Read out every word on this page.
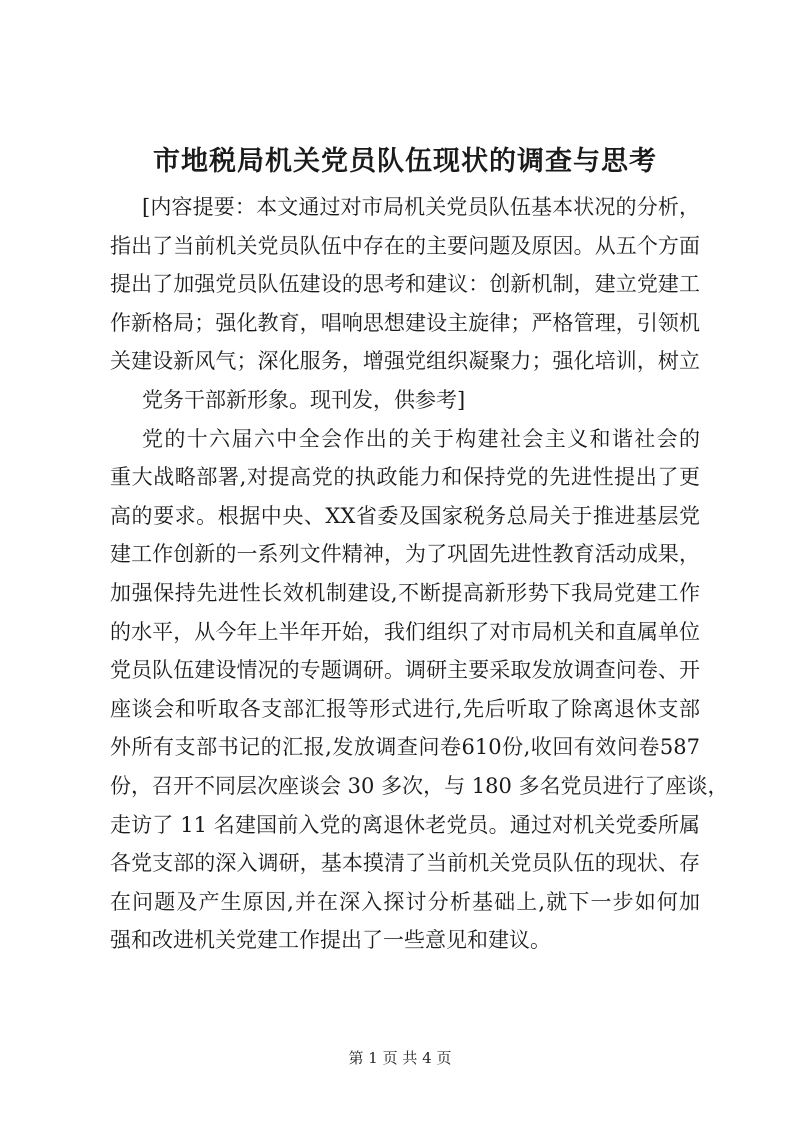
市地税局机关党员队伍现状的调查与思考
[内容提要：本文通过对市局机关党员队伍基本状况的分析，
指出了当前机关党员队伍中存在的主要问题及原因。从五个方面
提出了加强党员队伍建设的思考和建议：创新机制，建立党建工
作新格局；强化教育，唱响思想建设主旋律；严格管理，引领机
关建设新风气；深化服务，增强党组织凝聚力；强化培训，树立
党务干部新形象。现刊发，供参考]
党的十六届六中全会作出的关于构建社会主义和谐社会的
重大战略部署,对提高党的执政能力和保持党的先进性提出了更
高的要求。根据中央、XX省委及国家税务总局关于推进基层党
建工作创新的一系列文件精神，为了巩固先进性教育活动成果，
加强保持先进性长效机制建设,不断提高新形势下我局党建工作
的水平，从今年上半年开始，我们组织了对市局机关和直属单位
党员队伍建设情况的专题调研。调研主要采取发放调查问卷、开
座谈会和听取各支部汇报等形式进行,先后听取了除离退休支部
外所有支部书记的汇报,发放调查问卷610份,收回有效问卷587
份，召开不同层次座谈会 30 多次，与 180 多名党员进行了座谈，
走访了 11 名建国前入党的离退休老党员。通过对机关党委所属
各党支部的深入调研，基本摸清了当前机关党员队伍的现状、存
在问题及产生原因,并在深入探讨分析基础上,就下一步如何加
强和改进机关党建工作提出了一些意见和建议。
第 1 页 共 4 页
